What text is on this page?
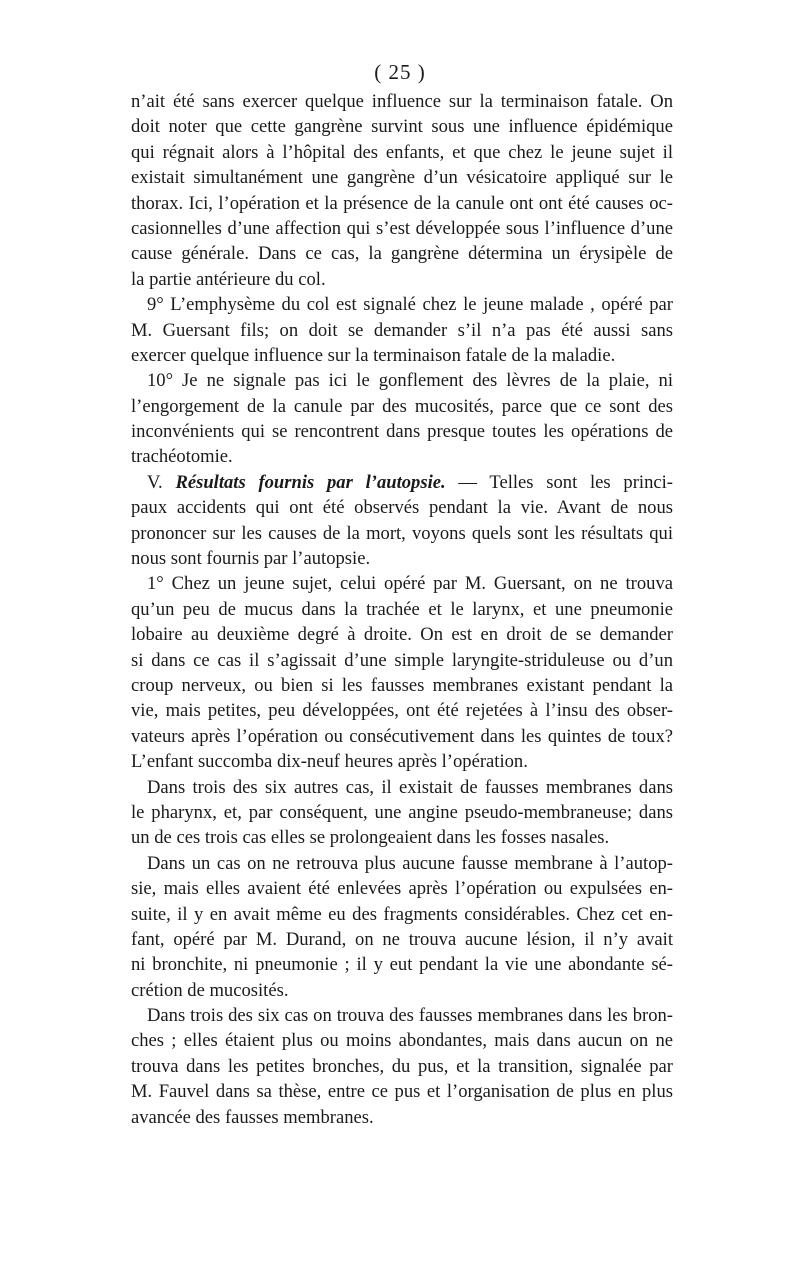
( 25 )
n’ait été sans exercer quelque influence sur la terminaison fatale. On
doit noter que cette gangrène survint sous une influence épidémique
qui régnait alors à l’hôpital des enfants, et que chez le jeune sujet il
existait simultanément une gangrène d’un vésicatoire appliqué sur le
thorax. Ici, l’opération et la présence de la canule ont ont été causes oc-
casionnelles d’une affection qui s’est développée sous l’influence d’une
cause générale. Dans ce cas, la gangrène détermina un érysipèle de
la partie antérieure du col.
9° L’emphysème du col est signalé chez le jeune malade , opéré par
M. Guersant fils; on doit se demander s’il n’a pas été aussi sans
exercer quelque influence sur la terminaison fatale de la maladie.
10° Je ne signale pas ici le gonflement des lèvres de la plaie, ni
l’engorgement de la canule par des mucosités, parce que ce sont des
inconvénients qui se rencontrent dans presque toutes les opérations de
trachéotomie.
V. Résultats fournis par l’autopsie. — Telles sont les princi-
paux accidents qui ont été observés pendant la vie. Avant de nous
prononcer sur les causes de la mort, voyons quels sont les résultats qui
nous sont fournis par l’autopsie.
1° Chez un jeune sujet, celui opéré par M. Guersant, on ne trouva
qu’un peu de mucus dans la trachée et le larynx, et une pneumonie
lobaire au deuxième degré à droite. On est en droit de se demander
si dans ce cas il s’agissait d’une simple laryngite-striduleuse ou d’un
croup nerveux, ou bien si les fausses membranes existant pendant la
vie, mais petites, peu développées, ont été rejetées à l’insu des obser-
vateurs après l’opération ou consécutivement dans les quintes de toux?
L’enfant succomba dix-neuf heures après l’opération.
Dans trois des six autres cas, il existait de fausses membranes dans
le pharynx, et, par conséquent, une angine pseudo-membraneuse; dans
un de ces trois cas elles se prolongeaient dans les fosses nasales.
Dans un cas on ne retrouva plus aucune fausse membrane à l’autop-
sie, mais elles avaient été enlevées après l’opération ou expulsées en-
suite, il y en avait même eu des fragments considérables. Chez cet en-
fant, opéré par M. Durand, on ne trouva aucune lésion, il n’y avait
ni bronchite, ni pneumonie ; il y eut pendant la vie une abondante sé-
crétion de mucosités.
Dans trois des six cas on trouva des fausses membranes dans les bron-
ches ; elles étaient plus ou moins abondantes, mais dans aucun on ne
trouva dans les petites bronches, du pus, et la transition, signalée par
M. Fauvel dans sa thèse, entre ce pus et l’organisation de plus en plus
avancée des fausses membranes.
